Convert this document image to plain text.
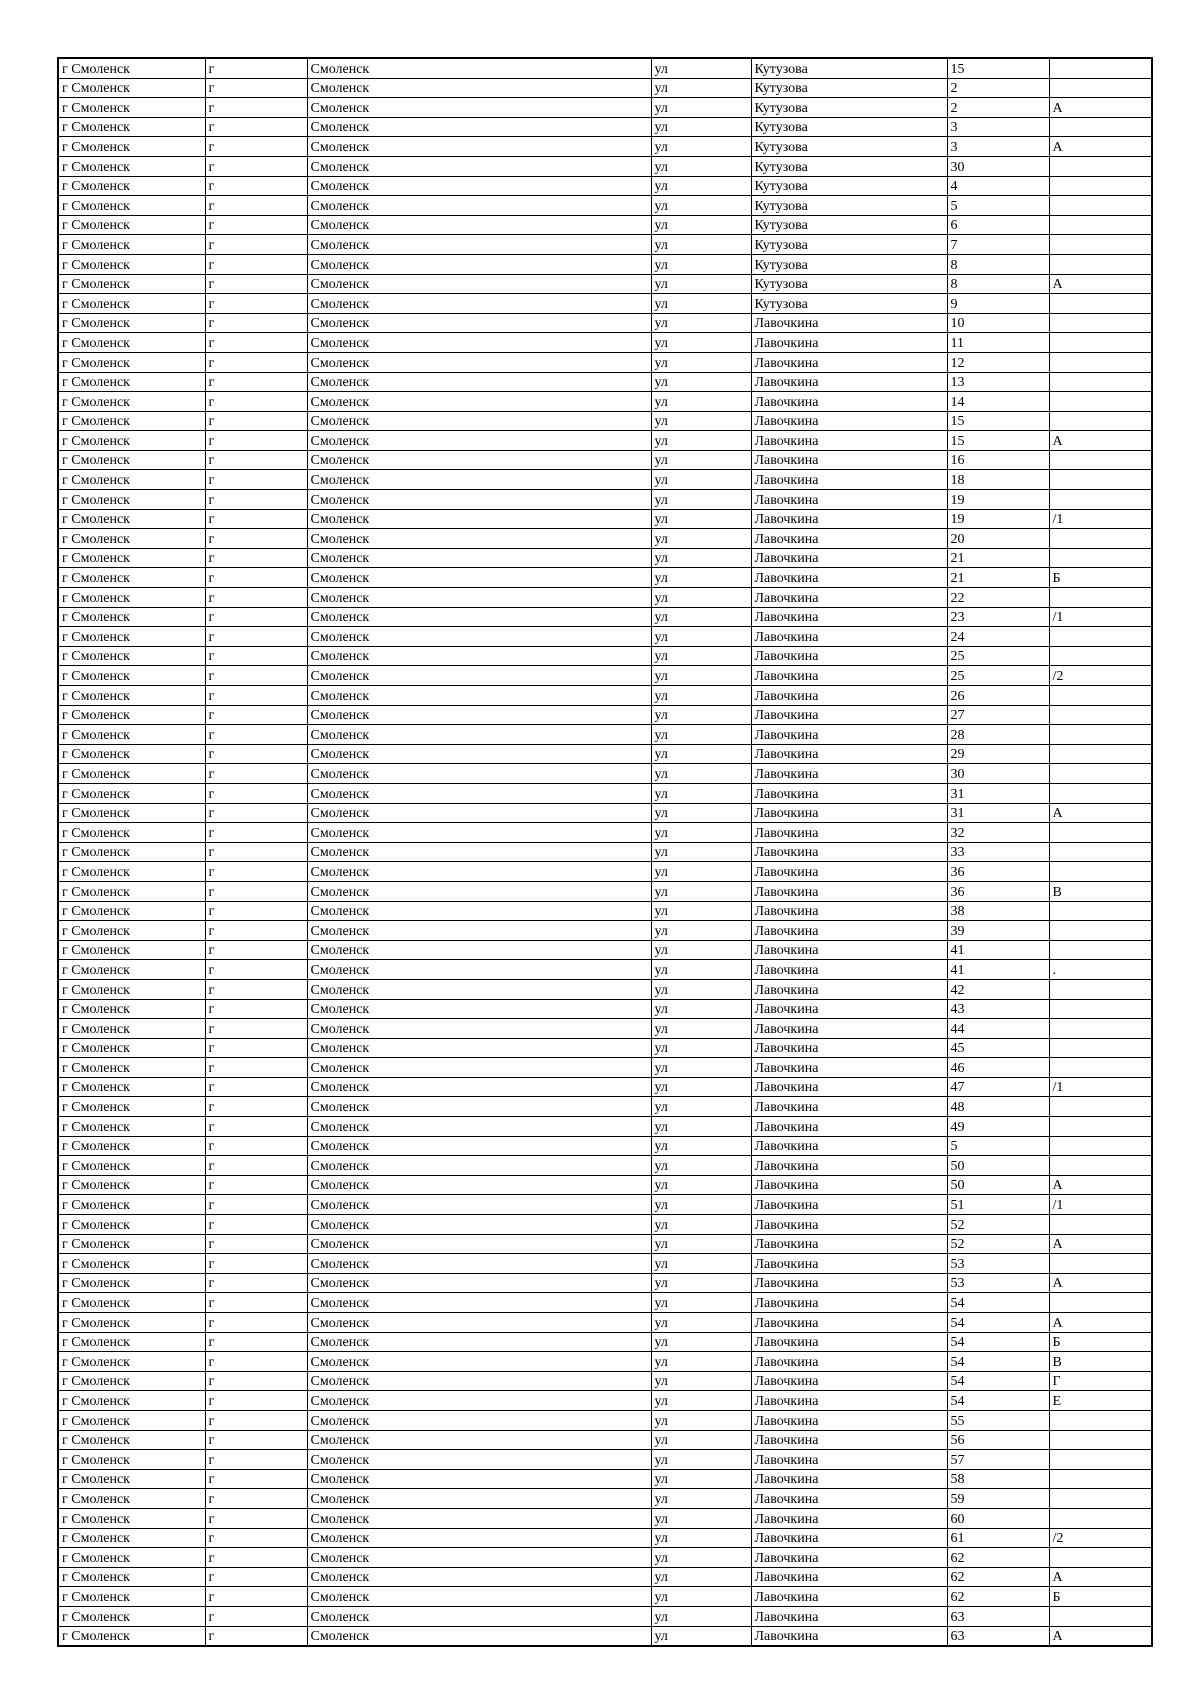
г Смоленск	г	Смоленск	ул	Кутузова	15	
г Смоленск	г	Смоленск	ул	Кутузова	2	
г Смоленск	г	Смоленск	ул	Кутузова	2	А
г Смоленск	г	Смоленск	ул	Кутузова	3	
г Смоленск	г	Смоленск	ул	Кутузова	3	А
г Смоленск	г	Смоленск	ул	Кутузова	30	
г Смоленск	г	Смоленск	ул	Кутузова	4	
г Смоленск	г	Смоленск	ул	Кутузова	5	
г Смоленск	г	Смоленск	ул	Кутузова	6	
г Смоленск	г	Смоленск	ул	Кутузова	7	
г Смоленск	г	Смоленск	ул	Кутузова	8	
г Смоленск	г	Смоленск	ул	Кутузова	8	А
г Смоленск	г	Смоленск	ул	Кутузова	9	
г Смоленск	г	Смоленск	ул	Лавочкина	10	
г Смоленск	г	Смоленск	ул	Лавочкина	11	
г Смоленск	г	Смоленск	ул	Лавочкина	12	
г Смоленск	г	Смоленск	ул	Лавочкина	13	
г Смоленск	г	Смоленск	ул	Лавочкина	14	
г Смоленск	г	Смоленск	ул	Лавочкина	15	
г Смоленск	г	Смоленск	ул	Лавочкина	15	А
г Смоленск	г	Смоленск	ул	Лавочкина	16	
г Смоленск	г	Смоленск	ул	Лавочкина	18	
г Смоленск	г	Смоленск	ул	Лавочкина	19	
г Смоленск	г	Смоленск	ул	Лавочкина	19	/1
г Смоленск	г	Смоленск	ул	Лавочкина	20	
г Смоленск	г	Смоленск	ул	Лавочкина	21	
г Смоленск	г	Смоленск	ул	Лавочкина	21	Б
г Смоленск	г	Смоленск	ул	Лавочкина	22	
г Смоленск	г	Смоленск	ул	Лавочкина	23	/1
г Смоленск	г	Смоленск	ул	Лавочкина	24	
г Смоленск	г	Смоленск	ул	Лавочкина	25	
г Смоленск	г	Смоленск	ул	Лавочкина	25	/2
г Смоленск	г	Смоленск	ул	Лавочкина	26	
г Смоленск	г	Смоленск	ул	Лавочкина	27	
г Смоленск	г	Смоленск	ул	Лавочкина	28	
г Смоленск	г	Смоленск	ул	Лавочкина	29	
г Смоленск	г	Смоленск	ул	Лавочкина	30	
г Смоленск	г	Смоленск	ул	Лавочкина	31	
г Смоленск	г	Смоленск	ул	Лавочкина	31	А
г Смоленск	г	Смоленск	ул	Лавочкина	32	
г Смоленск	г	Смоленск	ул	Лавочкина	33	
г Смоленск	г	Смоленск	ул	Лавочкина	36	
г Смоленск	г	Смоленск	ул	Лавочкина	36	В
г Смоленск	г	Смоленск	ул	Лавочкина	38	
г Смоленск	г	Смоленск	ул	Лавочкина	39	
г Смоленск	г	Смоленск	ул	Лавочкина	41	
г Смоленск	г	Смоленск	ул	Лавочкина	41	.
г Смоленск	г	Смоленск	ул	Лавочкина	42	
г Смоленск	г	Смоленск	ул	Лавочкина	43	
г Смоленск	г	Смоленск	ул	Лавочкина	44	
г Смоленск	г	Смоленск	ул	Лавочкина	45	
г Смоленск	г	Смоленск	ул	Лавочкина	46	
г Смоленск	г	Смоленск	ул	Лавочкина	47	/1
г Смоленск	г	Смоленск	ул	Лавочкина	48	
г Смоленск	г	Смоленск	ул	Лавочкина	49	
г Смоленск	г	Смоленск	ул	Лавочкина	5	
г Смоленск	г	Смоленск	ул	Лавочкина	50	
г Смоленск	г	Смоленск	ул	Лавочкина	50	А
г Смоленск	г	Смоленск	ул	Лавочкина	51	/1
г Смоленск	г	Смоленск	ул	Лавочкина	52	
г Смоленск	г	Смоленск	ул	Лавочкина	52	А
г Смоленск	г	Смоленск	ул	Лавочкина	53	
г Смоленск	г	Смоленск	ул	Лавочкина	53	А
г Смоленск	г	Смоленск	ул	Лавочкина	54	
г Смоленск	г	Смоленск	ул	Лавочкина	54	А
г Смоленск	г	Смоленск	ул	Лавочкина	54	Б
г Смоленск	г	Смоленск	ул	Лавочкина	54	В
г Смоленск	г	Смоленск	ул	Лавочкина	54	Г
г Смоленск	г	Смоленск	ул	Лавочкина	54	Е
г Смоленск	г	Смоленск	ул	Лавочкина	55	
г Смоленск	г	Смоленск	ул	Лавочкина	56	
г Смоленск	г	Смоленск	ул	Лавочкина	57	
г Смоленск	г	Смоленск	ул	Лавочкина	58	
г Смоленск	г	Смоленск	ул	Лавочкина	59	
г Смоленск	г	Смоленск	ул	Лавочкина	60	
г Смоленск	г	Смоленск	ул	Лавочкина	61	/2
г Смоленск	г	Смоленск	ул	Лавочкина	62	
г Смоленск	г	Смоленск	ул	Лавочкина	62	А
г Смоленск	г	Смоленск	ул	Лавочкина	62	Б
г Смоленск	г	Смоленск	ул	Лавочкина	63	
г Смоленск	г	Смоленск	ул	Лавочкина	63	А
